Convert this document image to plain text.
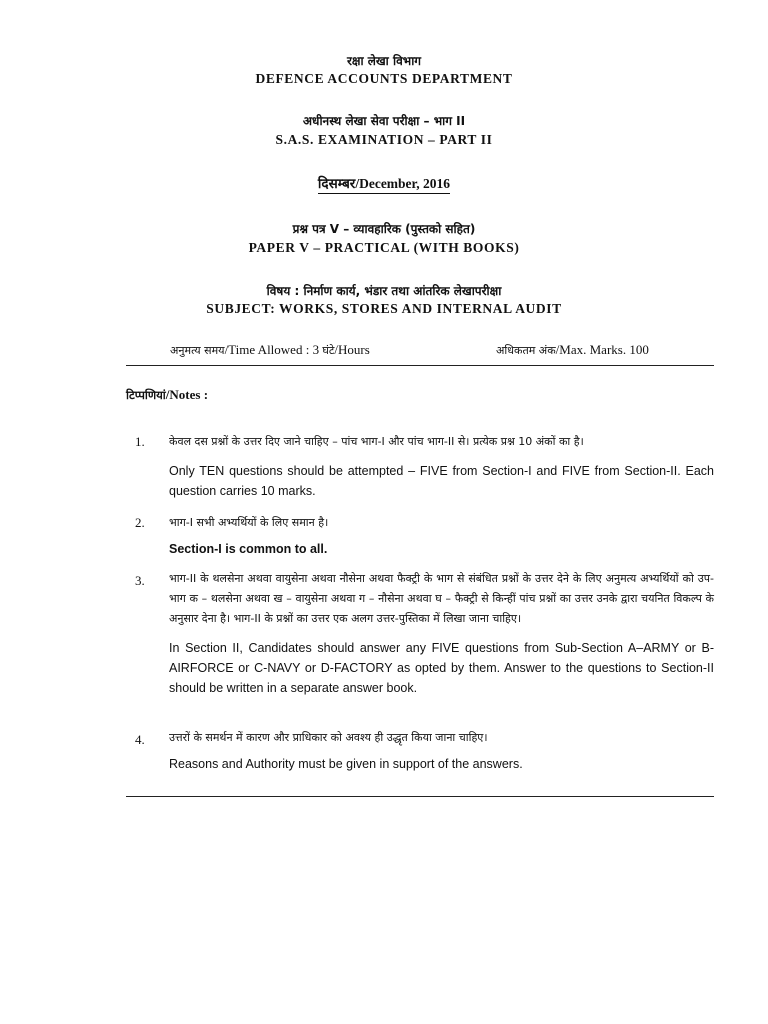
रक्षा लेखा विभाग
DEFENCE ACCOUNTS DEPARTMENT
अधीनस्थ लेखा सेवा परीक्षा – भाग II
S.A.S. EXAMINATION – PART II
दिसम्बर/December, 2016
प्रश्न पत्र V – व्यावहारिक (पुस्तको सहित)
PAPER V – PRACTICAL (WITH BOOKS)
विषय : निर्माण कार्य, भंडार तथा आंतरिक लेखापरीक्षा
SUBJECT: WORKS, STORES AND INTERNAL AUDIT
अनुमत्य समय/Time Allowed : 3 घंटे/Hours	अधिकतम अंक/Max. Marks. 100
टिप्पणियां/Notes :
1. केवल दस प्रश्नों के उत्तर दिए जाने चाहिए – पांच भाग-I और पांच भाग-II से। प्रत्येक प्रश्न 10 अंकों का है।

Only TEN questions should be attempted – FIVE from Section-I and FIVE from Section-II. Each question carries 10 marks.

2. भाग-I सभी अभ्यर्थियों के लिए समान है।

Section-I is common to all.

3. भाग-II के थलसेना अथवा वायुसेना अथवा नौसेना अथवा फैक्ट्री के भाग से संबंधित प्रश्नों के उत्तर देने के लिए अनुमत्य अभ्यर्थियों को उप-भाग क – थलसेना अथवा ख – वायुसेना अथवा ग – नौसेना अथवा घ – फैक्ट्री से किन्हीं पांच प्रश्नों का उत्तर उनके द्वारा चयनित विकल्प के अनुसार देना है। भाग-II के प्रश्नों का उत्तर एक अलग उत्तर-पुस्तिका में लिखा जाना चाहिए।

In Section II, Candidates should answer any FIVE questions from Sub-Section A–ARMY or B-AIRFORCE or C-NAVY or D-FACTORY as opted by them. Answer to the questions to Section-II should be written in a separate answer book.

4. उत्तरों के समर्थन में कारण और प्राधिकार को अवश्य ही उद्धृत किया जाना चाहिए।

Reasons and Authority must be given in support of the answers.
